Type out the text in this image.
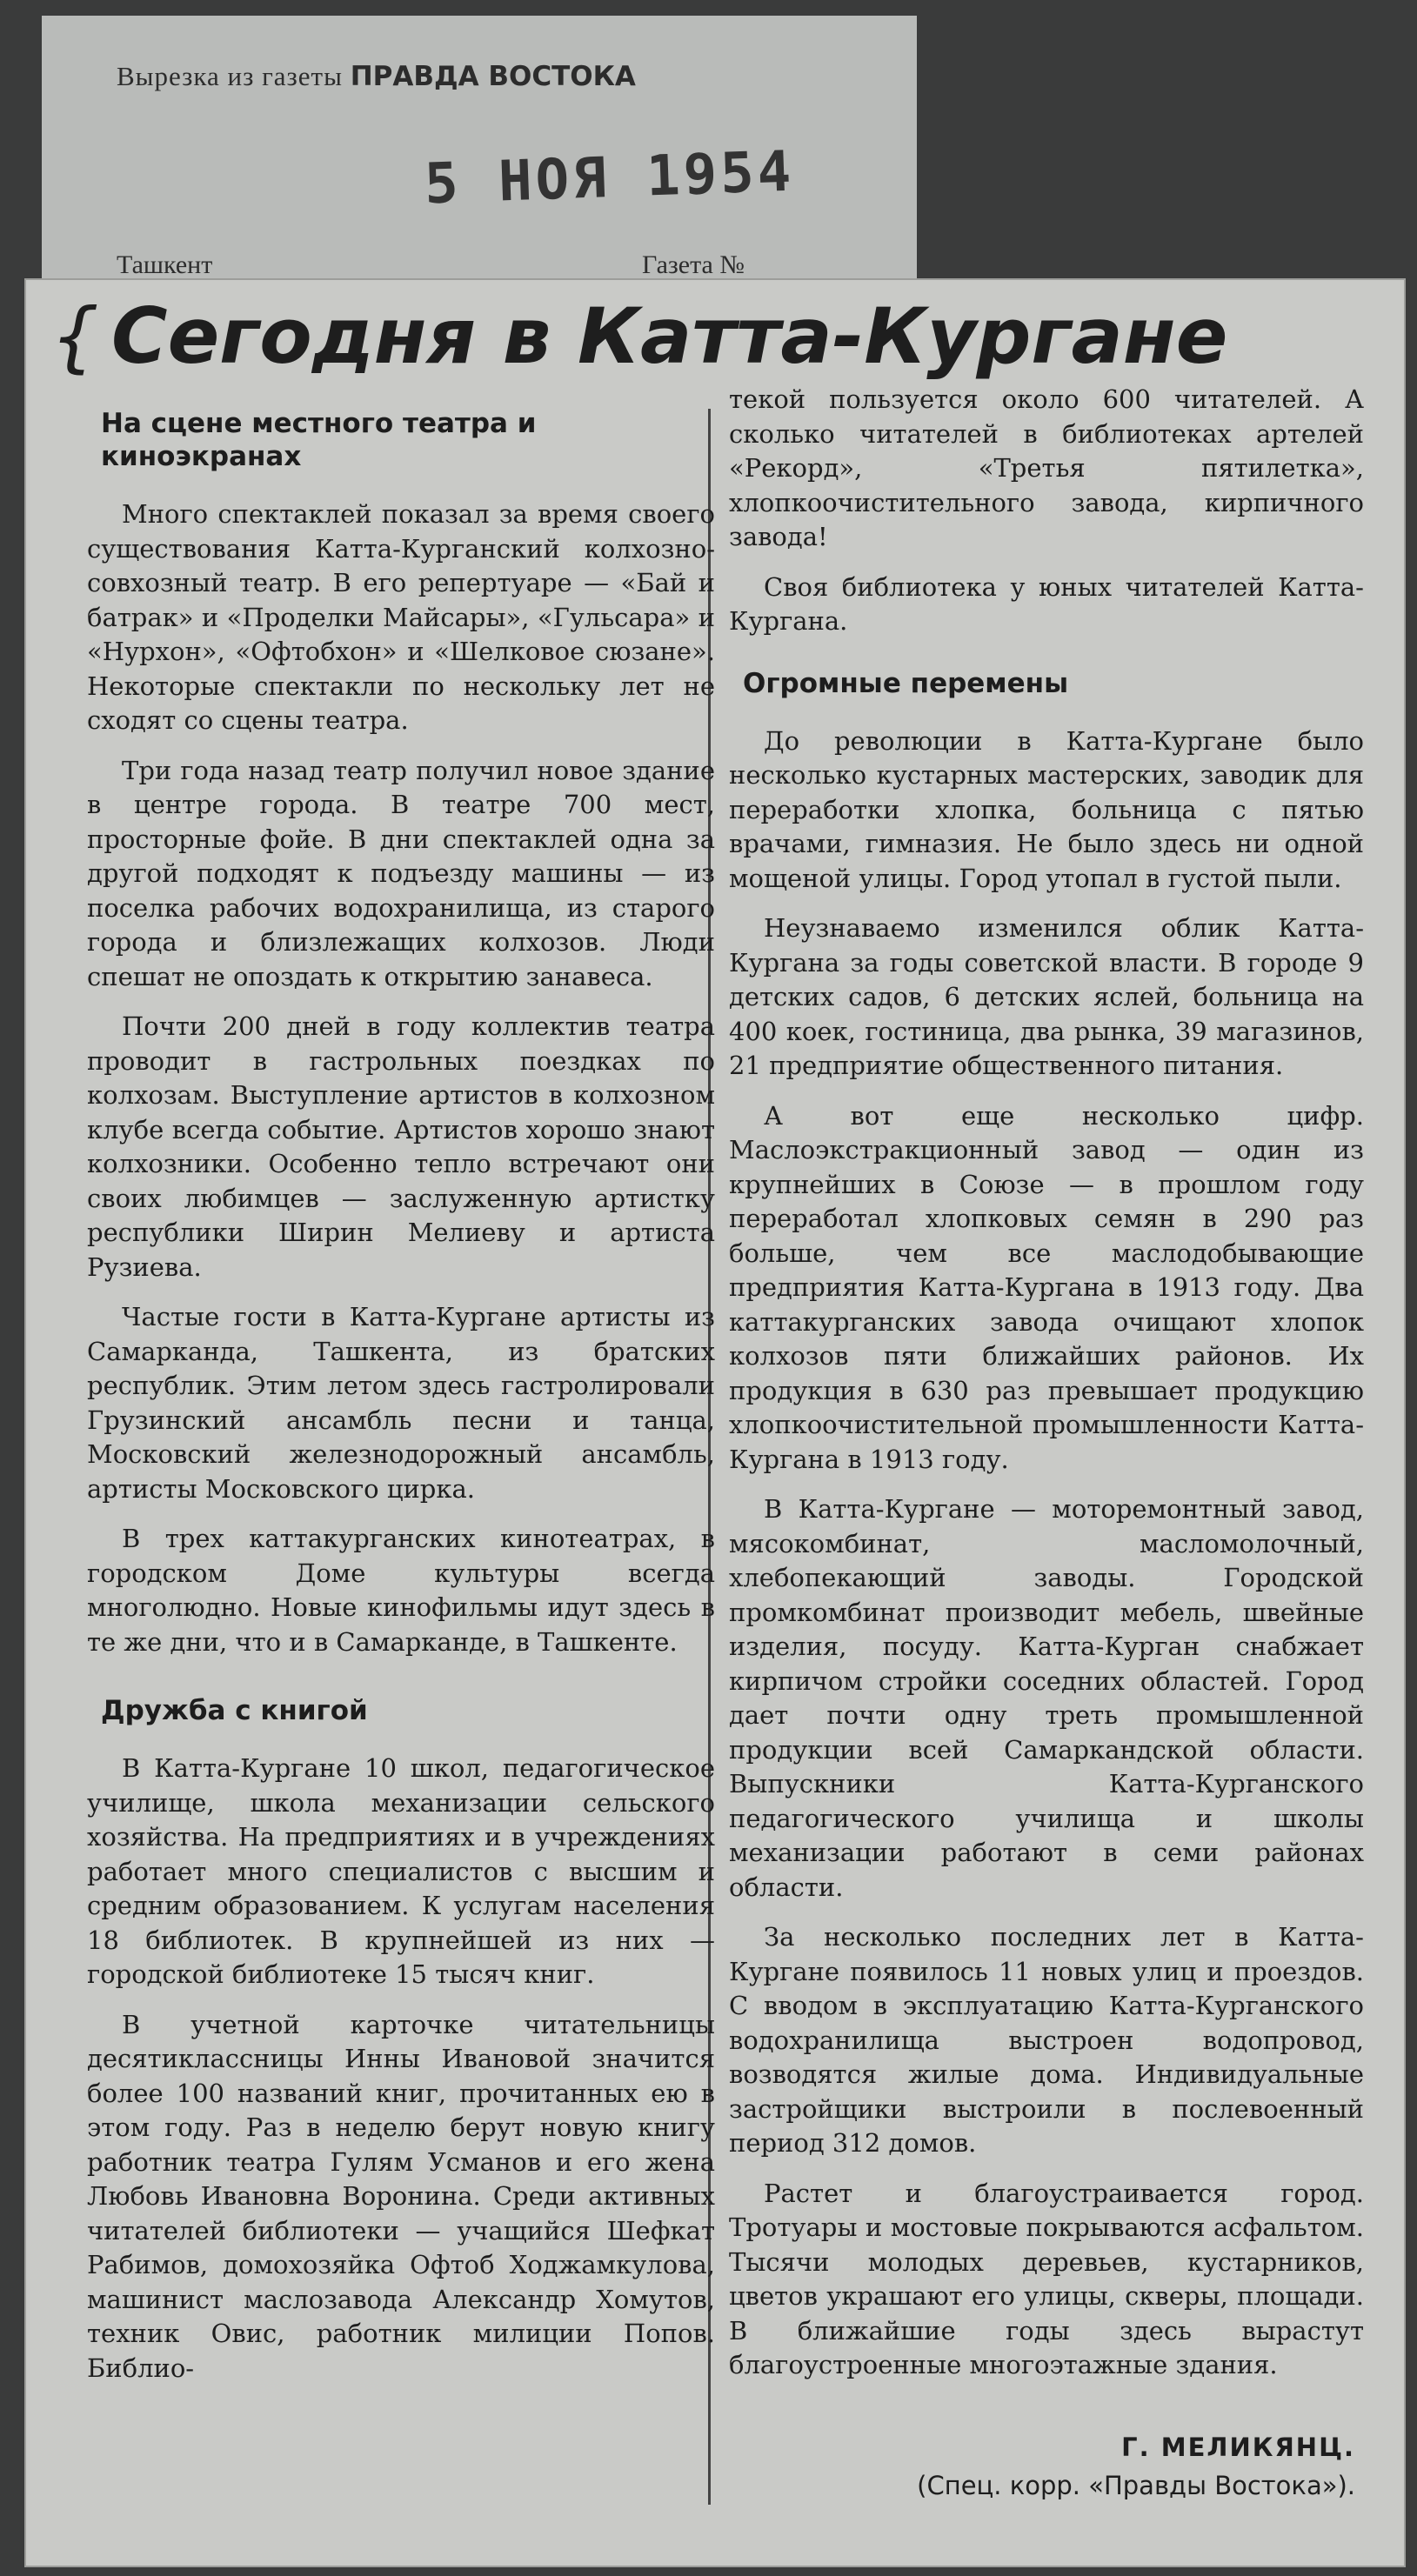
Вырезка из газеты ПРАВДА ВОСТОКА
5 НОЯ 1954
Ташкент	Газета №
{ Сегодня в Катта-Кургане
На сцене местного театра и киноэкранах

Много спектаклей показал за время своего существования Катта-Курганский колхозно-совхозный театр. В его репертуаре — «Бай и батрак» и «Проделки Майсары», «Гульсара» и «Нурхон», «Офтобхон» и «Шелковое сюзане». Некоторые спектакли по нескольку лет не сходят со сцены театра.

Три года назад театр получил новое здание в центре города. В театре 700 мест, просторные фойе. В дни спектаклей одна за другой подходят к подъезду машины — из поселка рабочих водохранилища, из старого города и близлежащих колхозов. Люди спешат не опоздать к открытию занавеса.

Почти 200 дней в году коллектив театра проводит в гастрольных поездках по колхозам. Выступление артистов в колхозном клубе всегда событие. Артистов хорошо знают колхозники. Особенно тепло встречают они своих любимцев — заслуженную артистку республики Ширин Мелиеву и артиста Рузиева.

Частые гости в Катта-Кургане артисты из Самарканда, Ташкента, из братских республик. Этим летом здесь гастролировали Грузинский ансамбль песни и танца, Московский железнодорожный ансамбль, артисты Московского цирка.

В трех каттакурганских кинотеатрах, в городском Доме культуры всегда многолюдно. Новые кинофильмы идут здесь в те же дни, что и в Самарканде, в Ташкенте.

Дружба с книгой

В Катта-Кургане 10 школ, педагогическое училище, школа механизации сельского хозяйства. На предприятиях и в учреждениях работает много специалистов с высшим и средним образованием. К услугам населения 18 библиотек. В крупнейшей из них — городской библиотеке 15 тысяч книг.

В учетной карточке читательницы десятиклассницы Инны Ивановой значится более 100 названий книг, прочитанных ею в этом году. Раз в неделю берут новую книгу работник театра Гулям Усманов и его жена Любовь Ивановна Воронина. Среди активных читателей библиотеки — учащийся Шефкат Рабимов, домохозяйка Офтоб Ходжамкулова, машинист маслозавода Александр Хомутов, техник Овис, работник милиции Попов. Библио-

текой пользуется около 600 читателей. А сколько читателей в библиотеках артелей «Рекорд», «Третья пятилетка», хлопкоочистительного завода, кирпичного завода!

Своя библиотека у юных читателей Катта-Кургана.

Огромные перемены

До революции в Катта-Кургане было несколько кустарных мастерских, заводик для переработки хлопка, больница с пятью врачами, гимназия. Не было здесь ни одной мощеной улицы. Город утопал в густой пыли.

Неузнаваемо изменился облик Катта-Кургана за годы советской власти. В городе 9 детских садов, 6 детских яслей, больница на 400 коек, гостиница, два рынка, 39 магазинов, 21 предприятие общественного питания.

А вот еще несколько цифр. Маслоэкстракционный завод — один из крупнейших в Союзе — в прошлом году переработал хлопковых семян в 290 раз больше, чем все маслодобывающие предприятия Катта-Кургана в 1913 году. Два каттакурганских завода очищают хлопок колхозов пяти ближайших районов. Их продукция в 630 раз превышает продукцию хлопкоочистительной промышленности Катта-Кургана в 1913 году.

В Катта-Кургане — моторемонтный завод, мясокомбинат, масломолочный, хлебопекающий заводы. Городской промкомбинат производит мебель, швейные изделия, посуду. Катта-Курган снабжает кирпичом стройки соседних областей. Город дает почти одну треть промышленной продукции всей Самаркандской области. Выпускники Катта-Курганского педагогического училища и школы механизации работают в семи районах области.

За несколько последних лет в Катта-Кургане появилось 11 новых улиц и проездов. С вводом в эксплуатацию Катта-Курганского водохранилища выстроен водопровод, возводятся жилые дома. Индивидуальные застройщики выстроили в послевоенный период 312 домов.

Растет и благоустраивается город. Тротуары и мостовые покрываются асфальтом. Тысячи молодых деревьев, кустарников, цветов украшают его улицы, скверы, площади. В ближайшие годы здесь вырастут благоустроенные многоэтажные здания.

Г. МЕЛИКЯНЦ.
(Спец. корр. «Правды Востока»).
